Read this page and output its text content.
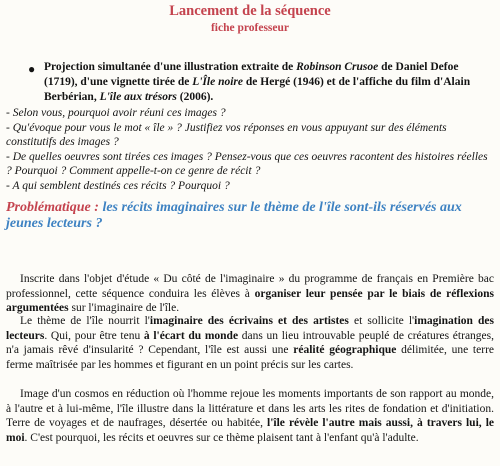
Lancement de la séquence
fiche professeur
● Projection simultanée d'une illustration extraite de Robinson Crusoe de Daniel Defoe (1719), d'une vignette tirée de L'Île noire de Hergé (1946) et de l'affiche du film d'Alain Berbérian, L'île aux trésors (2006).
- Selon vous, pourquoi avoir réuni ces images ?
- Qu'évoque pour vous le mot « île » ? Justifiez vos réponses en vous appuyant sur des éléments constitutifs des images ?
- De quelles oeuvres sont tirées ces images ? Pensez-vous que ces oeuvres racontent des histoires réelles ? Pourquoi ? Comment appelle-t-on ce genre de récit ?
- A qui semblent destinés ces récits ? Pourquoi ?
Problématique : les récits imaginaires sur le thème de l'île sont-ils réservés aux jeunes lecteurs ?
Inscrite dans l'objet d'étude « Du côté de l'imaginaire » du programme de français en Première bac professionnel, cette séquence conduira les élèves à organiser leur pensée par le biais de réflexions argumentées sur l'imaginaire de l'île.
Le thème de l'île nourrit l'imaginaire des écrivains et des artistes et sollicite l'imagination des lecteurs. Qui, pour être tenu à l'écart du monde dans un lieu introuvable peuplé de créatures étranges, n'a jamais rêvé d'insularité ? Cependant, l'île est aussi une réalité géographique délimitée, une terre ferme maîtrisée par les hommes et figurant en un point précis sur les cartes.
Image d'un cosmos en réduction où l'homme rejoue les moments importants de son rapport au monde, à l'autre et à lui-même, l'île illustre dans la littérature et dans les arts les rites de fondation et d'initiation. Terre de voyages et de naufrages, désertée ou habitée, l'île révèle l'autre mais aussi, à travers lui, le moi. C'est pourquoi, les récits et oeuvres sur ce thème plaisent tant à l'enfant qu'à l'adulte.
